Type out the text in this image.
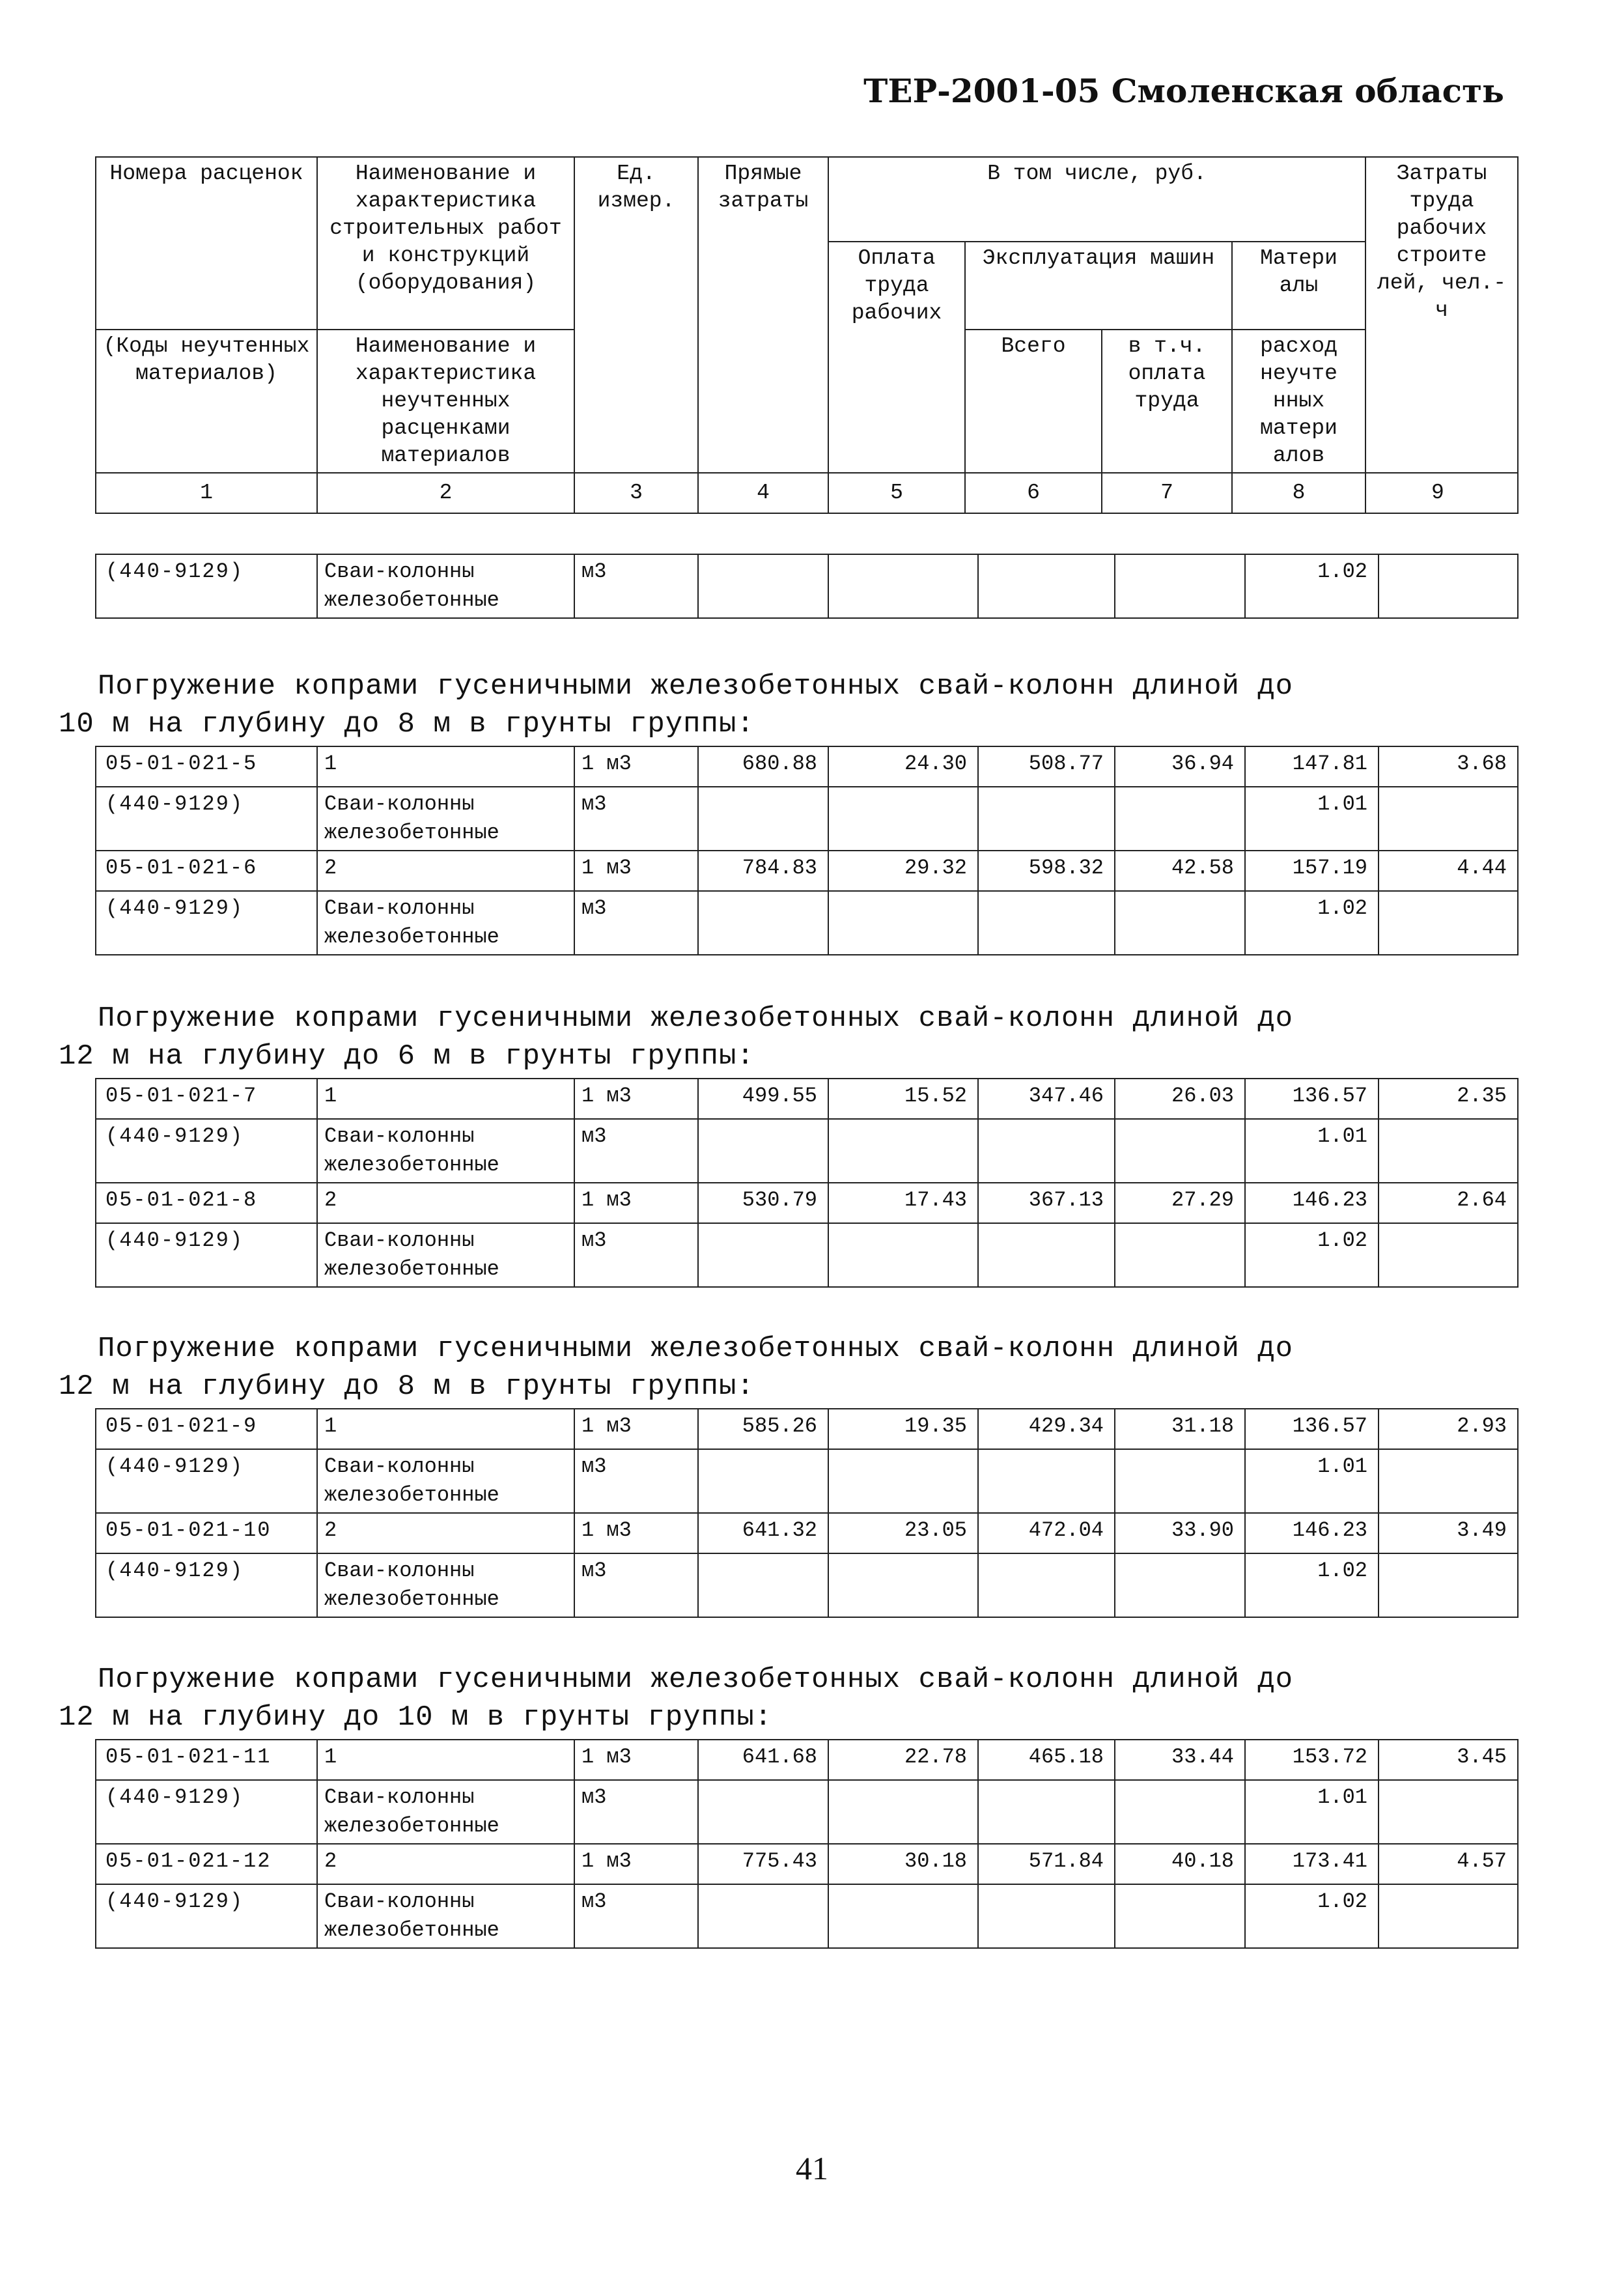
ТЕР-2001-05 Смоленская область
Номера расценок	Наименование и характеристика строительных работ и конструкций (оборудования)	Ед. измер.	Прямые затраты	В том числе, руб.				Затраты труда рабочих строите лей, чел.-ч
				Оплата труда рабочих	Эксплуатация машин		Матери алы	
(Коды неучтенных материалов)	Наименование и характеристика неучтенных расценками материалов				Всего	в т.ч. оплата труда	расход неучте нных матери алов	
1	2	3	4	5	6	7	8	9
(440-9129)	Сваи-колонны железобетонные	м3					1.02	
Погружение копрами гусеничными железобетонных свай-колонн длиной до
10 м на глубину до 8 м в грунты группы:
05-01-021-5	1	1 м3	680.88	24.30	508.77	36.94	147.81	3.68
(440-9129)	Сваи-колонны железобетонные	м3					1.01	
05-01-021-6	2	1 м3	784.83	29.32	598.32	42.58	157.19	4.44
(440-9129)	Сваи-колонны железобетонные	м3					1.02	
Погружение копрами гусеничными железобетонных свай-колонн длиной до
12 м на глубину до 6 м в грунты группы:
05-01-021-7	1	1 м3	499.55	15.52	347.46	26.03	136.57	2.35
(440-9129)	Сваи-колонны железобетонные	м3					1.01	
05-01-021-8	2	1 м3	530.79	17.43	367.13	27.29	146.23	2.64
(440-9129)	Сваи-колонны железобетонные	м3					1.02	
Погружение копрами гусеничными железобетонных свай-колонн длиной до
12 м на глубину до 8 м в грунты группы:
05-01-021-9	1	1 м3	585.26	19.35	429.34	31.18	136.57	2.93
(440-9129)	Сваи-колонны железобетонные	м3					1.01	
05-01-021-10	2	1 м3	641.32	23.05	472.04	33.90	146.23	3.49
(440-9129)	Сваи-колонны железобетонные	м3					1.02	
Погружение копрами гусеничными железобетонных свай-колонн длиной до
12 м на глубину до 10 м в грунты группы:
05-01-021-11	1	1 м3	641.68	22.78	465.18	33.44	153.72	3.45
(440-9129)	Сваи-колонны железобетонные	м3					1.01	
05-01-021-12	2	1 м3	775.43	30.18	571.84	40.18	173.41	4.57
(440-9129)	Сваи-колонны железобетонные	м3					1.02	
41
